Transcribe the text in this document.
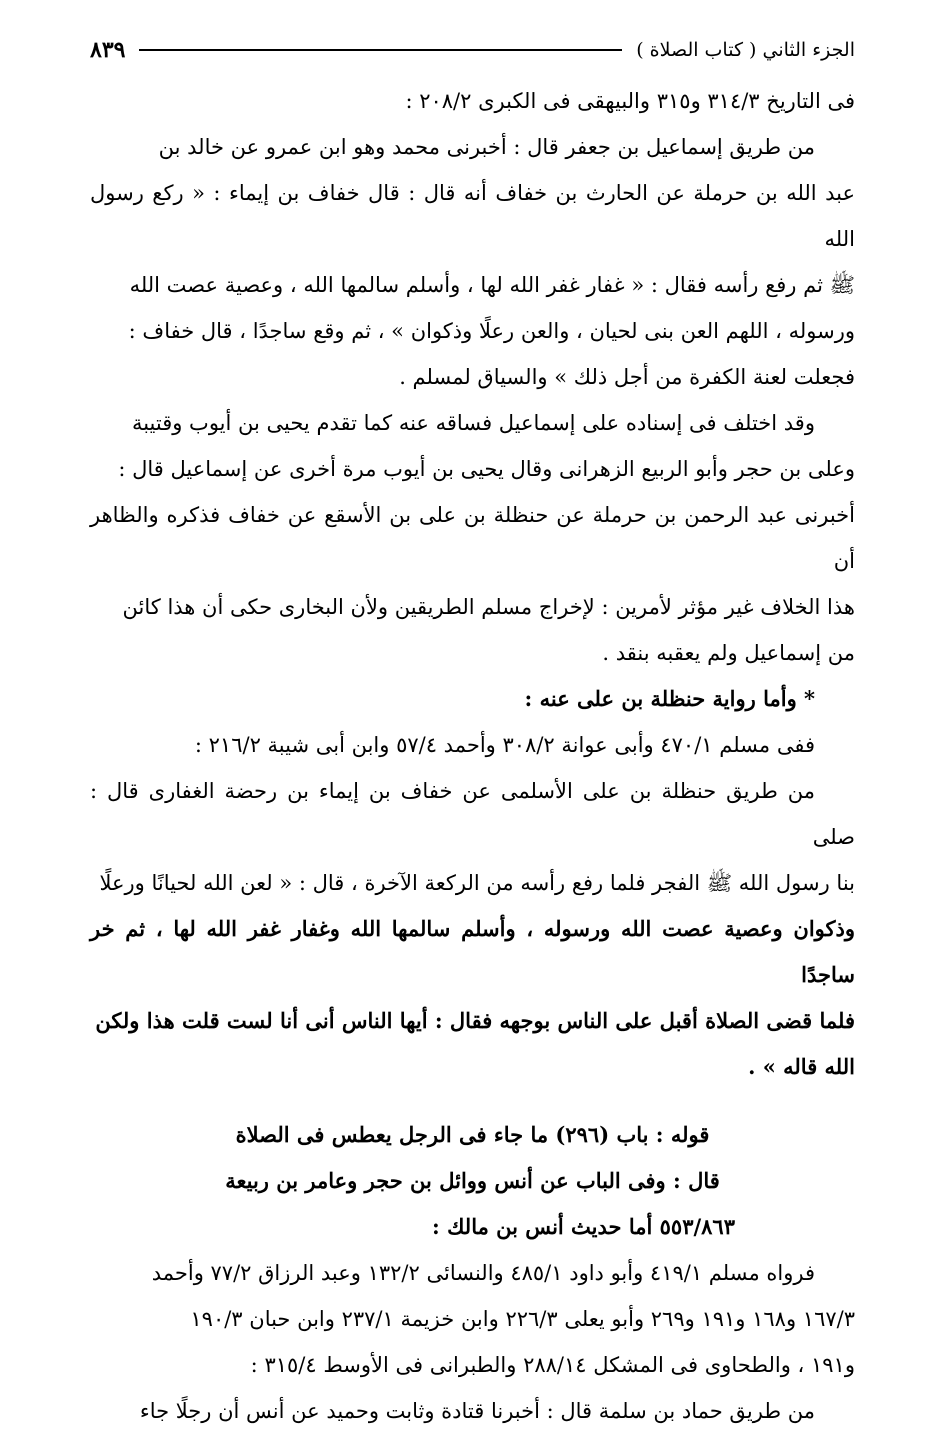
الجزء الثاني ( كتاب الصلاة )
٨٣٩

فى التاريخ ٣١٤/٣ و٣١٥ والبيهقى فى الكبرى ٢٠٨/٢ :

من طريق إسماعيل بن جعفر قال : أخبرنى محمد وهو ابن عمرو عن خالد بن

عبد الله بن حرملة عن الحارث بن خفاف أنه قال : قال خفاف بن إيماء : « ركع رسول الله

ﷺ ثم رفع رأسه فقال : « غفار غفر الله لها ، وأسلم سالمها الله ، وعصية عصت الله

ورسوله ، اللهم العن بنى لحيان ، والعن رعلًا وذكوان » ، ثم وقع ساجدًا ، قال خفاف :

فجعلت لعنة الكفرة من أجل ذلك » والسياق لمسلم .

وقد اختلف فى إسناده على إسماعيل فساقه عنه كما تقدم يحيى بن أيوب وقتيبة

وعلى بن حجر وأبو الربيع الزهرانى وقال يحيى بن أيوب مرة أخرى عن إسماعيل قال :

أخبرنى عبد الرحمن بن حرملة عن حنظلة بن على بن الأسقع عن خفاف فذكره والظاهر أن

هذا الخلاف غير مؤثر لأمرين : لإخراج مسلم الطريقين ولأن البخارى حكى أن هذا كائن

من إسماعيل ولم يعقبه بنقد .

* وأما رواية حنظلة بن على عنه :

ففى مسلم ٤٧٠/١ وأبى عوانة ٣٠٨/٢ وأحمد ٥٧/٤ وابن أبى شيبة ٢١٦/٢ :

من طريق حنظلة بن على الأسلمى عن خفاف بن إيماء بن رحضة الغفارى قال : صلى

بنا رسول الله ﷺ الفجر فلما رفع رأسه من الركعة الآخرة ، قال : « لعن الله لحيانًا ورعلًا

وذكوان وعصية عصت الله ورسوله ، وأسلم سالمها الله وغفار غفر الله لها ، ثم خر ساجدًا

فلما قضى الصلاة أقبل على الناس بوجهه فقال : أيها الناس أنى أنا لست قلت هذا ولكن

الله قاله » .

قوله : باب (٢٩٦) ما جاء فى الرجل يعطس فى الصلاة

قال : وفى الباب عن أنس ووائل بن حجر وعامر بن ربيعة

٥٥٣/٨٦٣ أما حديث أنس بن مالك :

فرواه مسلم ٤١٩/١ وأبو داود ٤٨٥/١ والنسائى ١٣٢/٢ وعبد الرزاق ٧٧/٢ وأحمد

١٦٧/٣ و١٦٨ و١٩١ و٢٦٩ وأبو يعلى ٢٢٦/٣ وابن خزيمة ٢٣٧/١ وابن حبان ١٩٠/٣

و١٩١ ، والطحاوى فى المشكل ٢٨٨/١٤ والطبرانى فى الأوسط ٣١٥/٤ :

من طريق حماد بن سلمة قال : أخبرنا قتادة وثابت وحميد عن أنس أن رجلًا جاء
